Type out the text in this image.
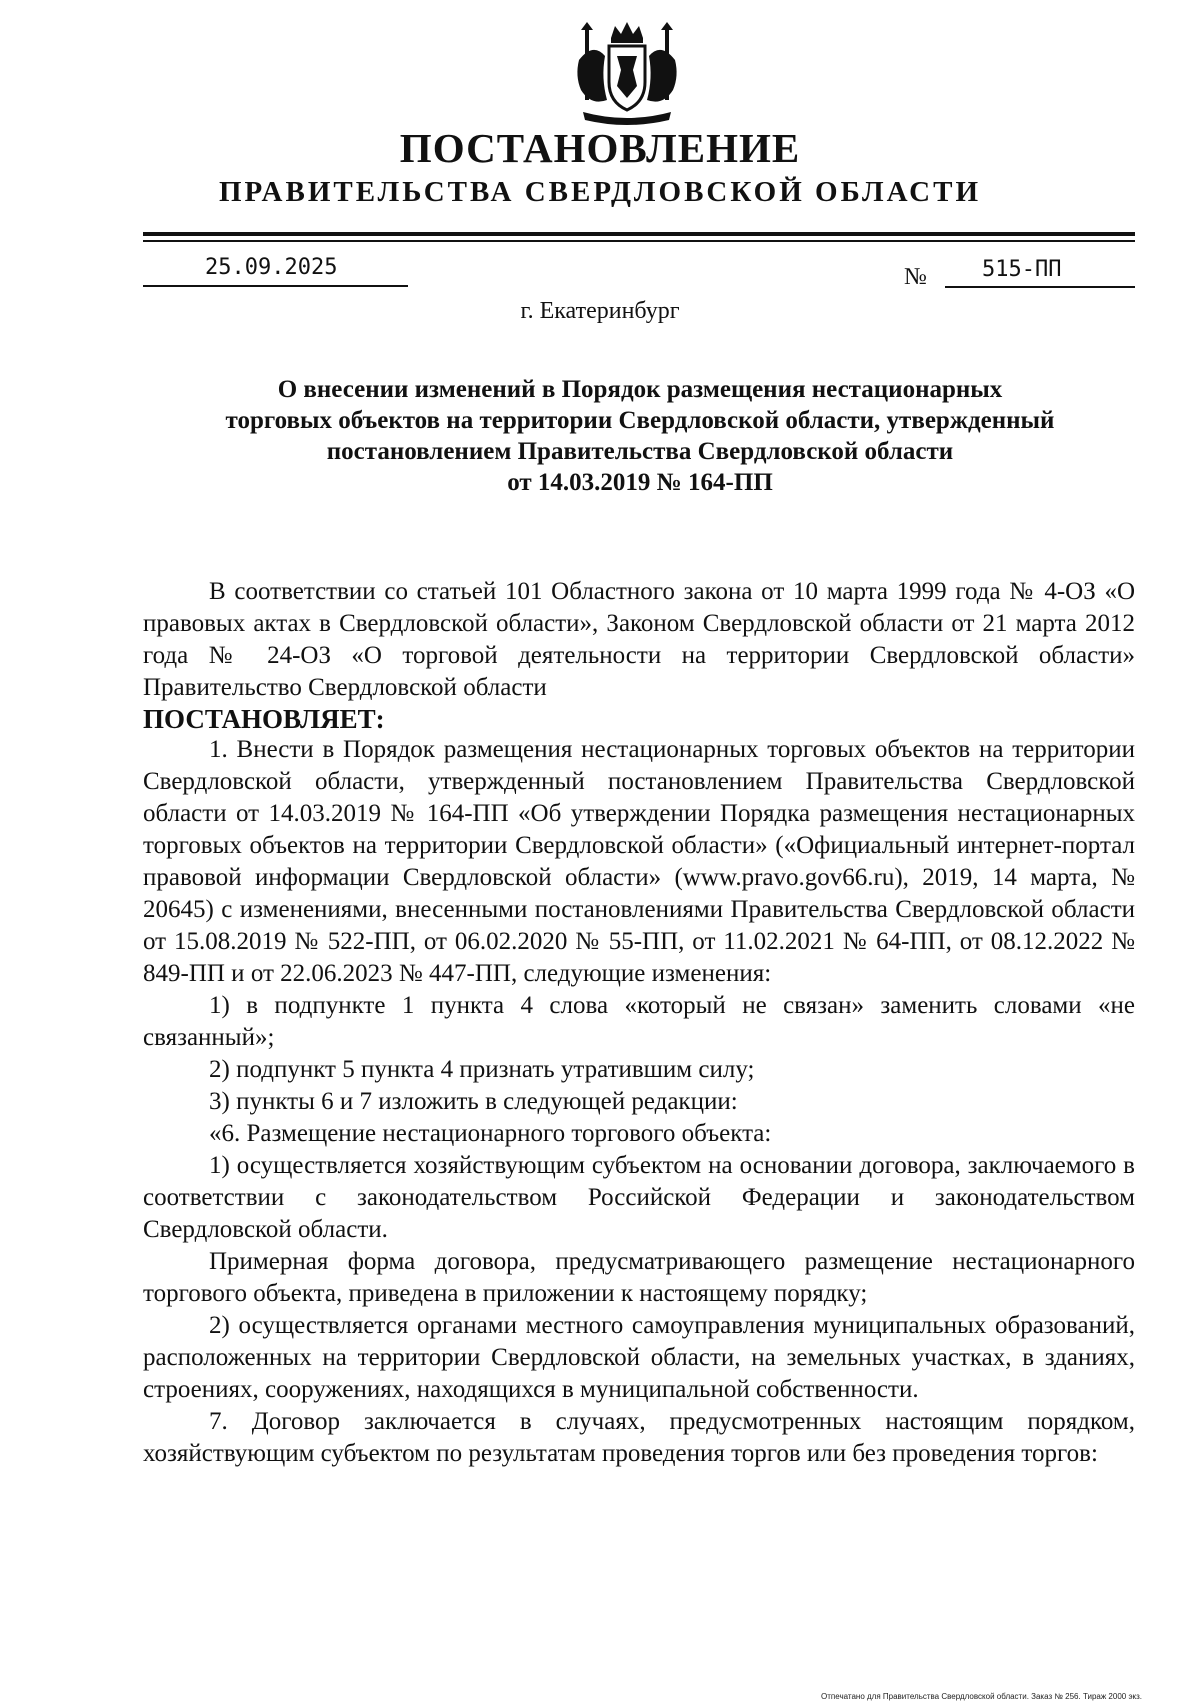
ПОСТАНОВЛЕНИЕ
ПРАВИТЕЛЬСТВА СВЕРДЛОВСКОЙ ОБЛАСТИ
25.09.2025	№	515-ПП
г. Екатеринбург
О внесении изменений в Порядок размещения нестационарных
торговых объектов на территории Свердловской области, утвержденный
постановлением Правительства Свердловской области
от 14.03.2019 № 164-ПП

В соответствии со статьей 101 Областного закона от 10 марта 1999 года № 4-ОЗ «О правовых актах в Свердловской области», Законом Свердловской области от 21 марта 2012 года № 24-ОЗ «О торговой деятельности на территории Свердловской области» Правительство Свердловской области

ПОСТАНОВЛЯЕТ:

1. Внести в Порядок размещения нестационарных торговых объектов на территории Свердловской области, утвержденный постановлением Правительства Свердловской области от 14.03.2019 № 164-ПП «Об утверждении Порядка размещения нестационарных торговых объектов на территории Свердловской области» («Официальный интернет-портал правовой информации Свердловской области» (www.pravo.gov66.ru), 2019, 14 марта, № 20645) с изменениями, внесенными постановлениями Правительства Свердловской области от 15.08.2019 № 522-ПП, от 06.02.2020 № 55-ПП, от 11.02.2021 № 64-ПП, от 08.12.2022 № 849-ПП и от 22.06.2023 № 447-ПП, следующие изменения:

1) в подпункте 1 пункта 4 слова «который не связан» заменить словами «не связанный»;

2) подпункт 5 пункта 4 признать утратившим силу;

3) пункты 6 и 7 изложить в следующей редакции:

«6. Размещение нестационарного торгового объекта:

1) осуществляется хозяйствующим субъектом на основании договора, заключаемого в соответствии с законодательством Российской Федерации и законодательством Свердловской области.

Примерная форма договора, предусматривающего размещение нестационарного торгового объекта, приведена в приложении к настоящему порядку;

2) осуществляется органами местного самоуправления муниципальных образований, расположенных на территории Свердловской области, на земельных участках, в зданиях, строениях, сооружениях, находящихся в муниципальной собственности.

7. Договор заключается в случаях, предусмотренных настоящим порядком, хозяйствующим субъектом по результатам проведения торгов или без проведения торгов:

Отпечатано для Правительства Свердловской области. Заказ № 256. Тираж 2000 экз.
